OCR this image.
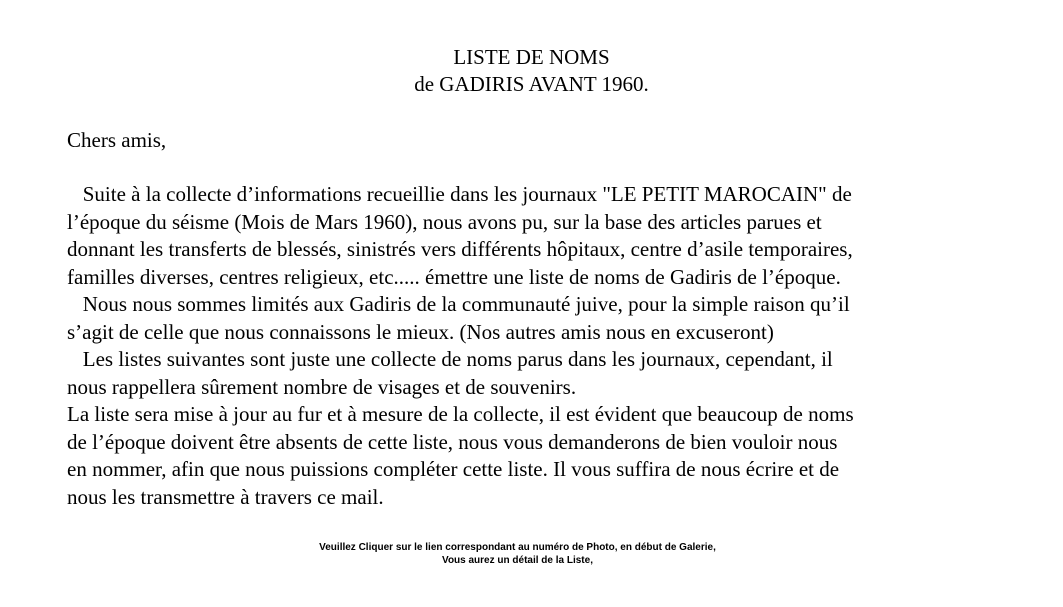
LISTE DE NOMS
de GADIRIS AVANT 1960.
Chers amis,
Suite à la collecte d’informations recueillie dans les journaux "LE PETIT MAROCAIN" de
l’époque du séisme (Mois de Mars 1960), nous avons pu, sur la base des articles parues et
donnant les transferts de blessés, sinistrés vers différents hôpitaux, centre d’asile temporaires,
familles diverses, centres religieux, etc..... émettre une liste de noms de Gadiris de l’époque.
Nous nous sommes limités aux Gadiris de la communauté juive, pour la simple raison qu’il
s’agit de celle que nous connaissons le mieux. (Nos autres amis nous en excuseront)
Les listes suivantes sont juste une collecte de noms parus dans les journaux, cependant, il
nous rappellera sûrement nombre de visages et de souvenirs.
La liste sera mise à jour au fur et à mesure de la collecte, il est évident que beaucoup de noms
de l’époque doivent être absents de cette liste, nous vous demanderons de bien vouloir nous
en nommer, afin que nous puissions compléter cette liste. Il vous suffira de nous écrire et de
nous les transmettre à travers ce mail.
Veuillez Cliquer sur le lien correspondant au numéro de Photo, en début de Galerie,
Vous aurez un détail de la Liste,
